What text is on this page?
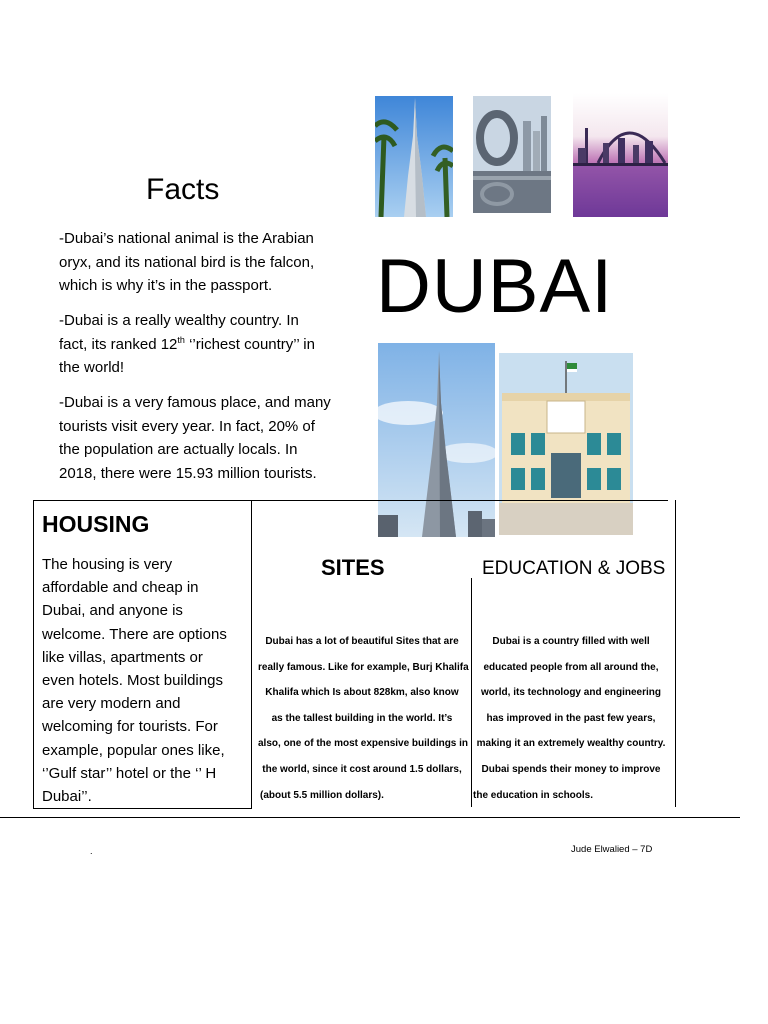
Facts
-Dubai’s national animal is the Arabian
oryx, and its national bird is the falcon,
which is why it’s in the passport.
-Dubai is a really wealthy country. In
fact, its ranked 12th ‘’richest country’’ in
the world!
-Dubai is a very famous place, and many
tourists visit every year. In fact, 20% of
the population are actually locals. In
2018, there were 15.93 million tourists.
DUBAI
HOUSING
The housing is very
affordable and cheap in
Dubai, and anyone is
welcome. There are options
like villas, apartments or
even hotels. Most buildings
are very modern and
welcoming for tourists. For
example, popular ones like,
‘’Gulf star’’ hotel or the ‘’ H
Dubai’’.
SITES
Dubai has a lot of beautiful Sites that are
really famous. Like for example, Burj Khalifa
Khalifa which Is about 828km, also know
as the tallest building in the world. It’s
also, one of the most expensive buildings in
the world, since it cost around 1.5 dollars,
(about 5.5 million dollars).
EDUCATION & JOBS
Dubai is a country filled with well
educated people from all around the,
world, its technology and engineering
has improved in the past few years,
making it an extremely wealthy country.
Dubai spends their money to improve
the education in schools.
.	Jude Elwalied – 7D
